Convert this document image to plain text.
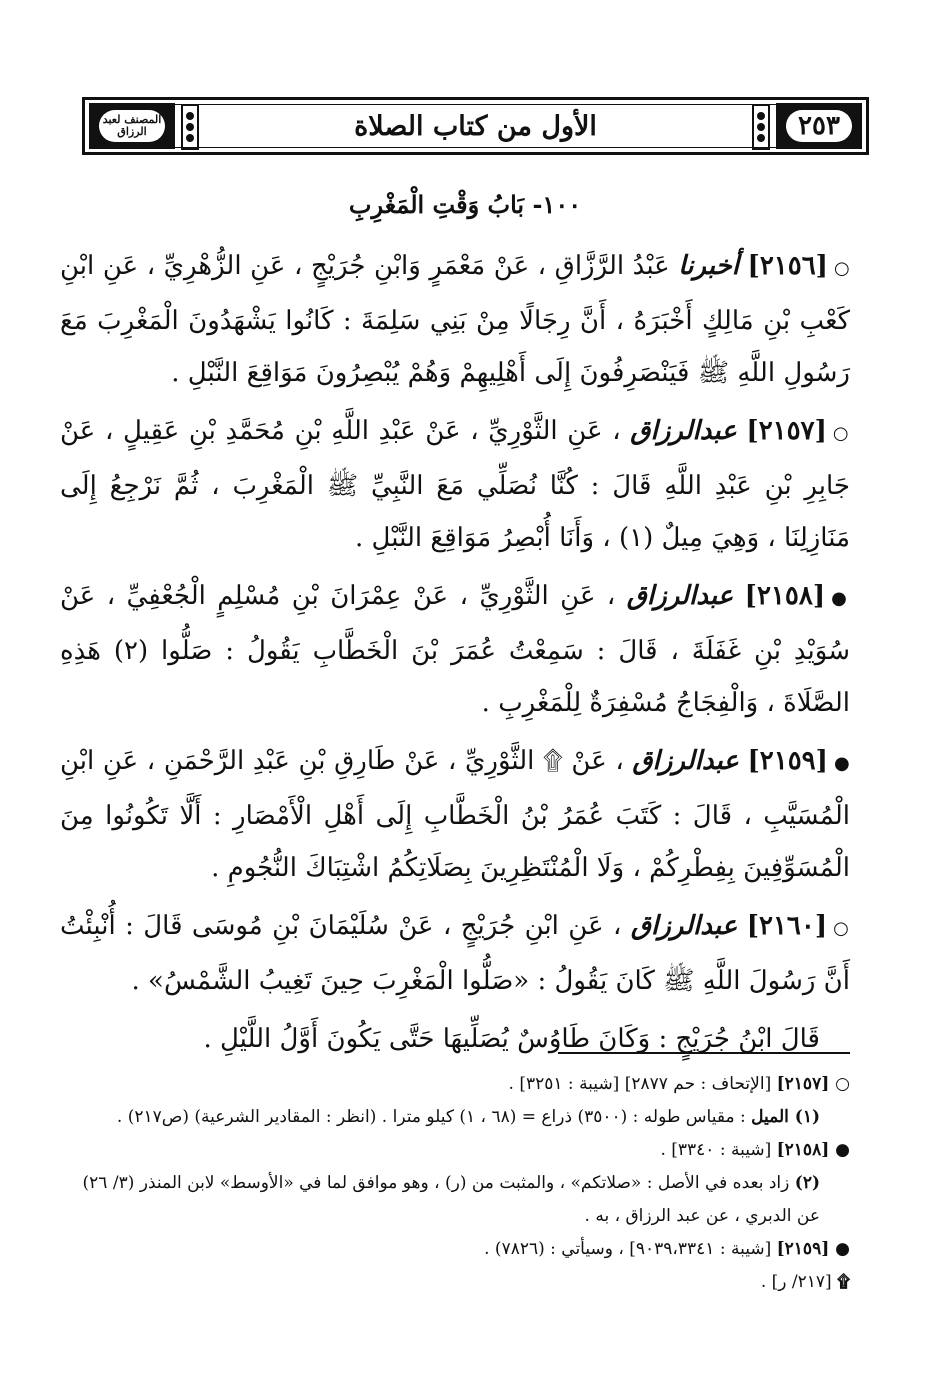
٢٥٣
الأول من كتاب الصلاة
المصنف لعبد الرزاق
١٠٠- بَابُ وَقْتِ الْمَغْرِبِ

○[٢١٥٦] أخبرنا عَبْدُ الرَّزَّاقِ ، عَنْ مَعْمَرٍ وَابْنِ جُرَيْجٍ ، عَنِ الزُّهْرِيِّ ، عَنِ ابْنِ كَعْبِ بْنِ مَالِكٍ أَخْبَرَهُ ، أَنَّ رِجَالًا مِنْ بَنِي سَلِمَةَ : كَانُوا يَشْهَدُونَ الْمَغْرِبَ مَعَ رَسُولِ اللَّهِ ﷺ فَيَنْصَرِفُونَ إِلَى أَهْلِيهِمْ وَهُمْ يُبْصِرُونَ مَوَاقِعَ النَّبْلِ .

○[٢١٥٧] عبدالرزاق ، عَنِ الثَّوْرِيِّ ، عَنْ عَبْدِ اللَّهِ بْنِ مُحَمَّدِ بْنِ عَقِيلٍ ، عَنْ جَابِرِ بْنِ عَبْدِ اللَّهِ قَالَ : كُنَّا نُصَلِّي مَعَ النَّبِيِّ ﷺ الْمَغْرِبَ ، ثُمَّ نَرْجِعُ إِلَى مَنَازِلِنَا ، وَهِيَ مِيلٌ (١) ، وَأَنَا أُبْصِرُ مَوَاقِعَ النَّبْلِ .

●[٢١٥٨] عبدالرزاق ، عَنِ الثَّوْرِيِّ ، عَنْ عِمْرَانَ بْنِ مُسْلِمٍ الْجُعْفِيِّ ، عَنْ سُوَيْدِ بْنِ غَفَلَةَ ، قَالَ : سَمِعْتُ عُمَرَ بْنَ الْخَطَّابِ يَقُولُ : صَلُّوا (٢) هَذِهِ الصَّلَاةَ ، وَالْفِجَاجُ مُسْفِرَةٌ لِلْمَغْرِبِ .

●[٢١٥٩] عبدالرزاق ، عَنْ ۩ الثَّوْرِيِّ ، عَنْ طَارِقِ بْنِ عَبْدِ الرَّحْمَنِ ، عَنِ ابْنِ الْمُسَيَّبِ ، قَالَ : كَتَبَ عُمَرُ بْنُ الْخَطَّابِ إِلَى أَهْلِ الْأَمْصَارِ : أَلَّا تَكُونُوا مِنَ الْمُسَوِّفِينَ بِفِطْرِكُمْ ، وَلَا الْمُنْتَظِرِينَ بِصَلَاتِكُمُ اشْتِبَاكَ النُّجُومِ .

○[٢١٦٠] عبدالرزاق ، عَنِ ابْنِ جُرَيْجٍ ، عَنْ سُلَيْمَانَ بْنِ مُوسَى قَالَ : أُنْبِئْتُ أَنَّ رَسُولَ اللَّهِ ﷺ كَانَ يَقُولُ : «صَلُّوا الْمَغْرِبَ حِينَ تَغِيبُ الشَّمْسُ» .

قَالَ ابْنُ جُرَيْجٍ : وَكَانَ طَاوُسٌ يُصَلِّيهَا حَتَّى يَكُونَ أَوَّلُ اللَّيْلِ .

○ [٢١٥٧] [الإتحاف : حم ٢٨٧٧] [شيبة : ٣٢٥١] .

(١) الميل : مقياس طوله : (٣٥٠٠) ذراع = (٦٨ ، ١) كيلو مترا . (انظر : المقادير الشرعية) (ص٢١٧) .

● [٢١٥٨] [شيبة : ٣٣٤٠] .

(٢) زاد بعده في الأصل : «صلاتكم» ، والمثبت من (ر) ، وهو موافق لما في «الأوسط» لابن المنذر (٣/ ٢٦) عن الدبري ، عن عبد الرزاق ، به .

● [٢١٥٩] [شيبة : ٩٠٣٩،٣٣٤١] ، وسيأتي : (٧٨٢٦) .

۩ [٢١٧/ ر] .
